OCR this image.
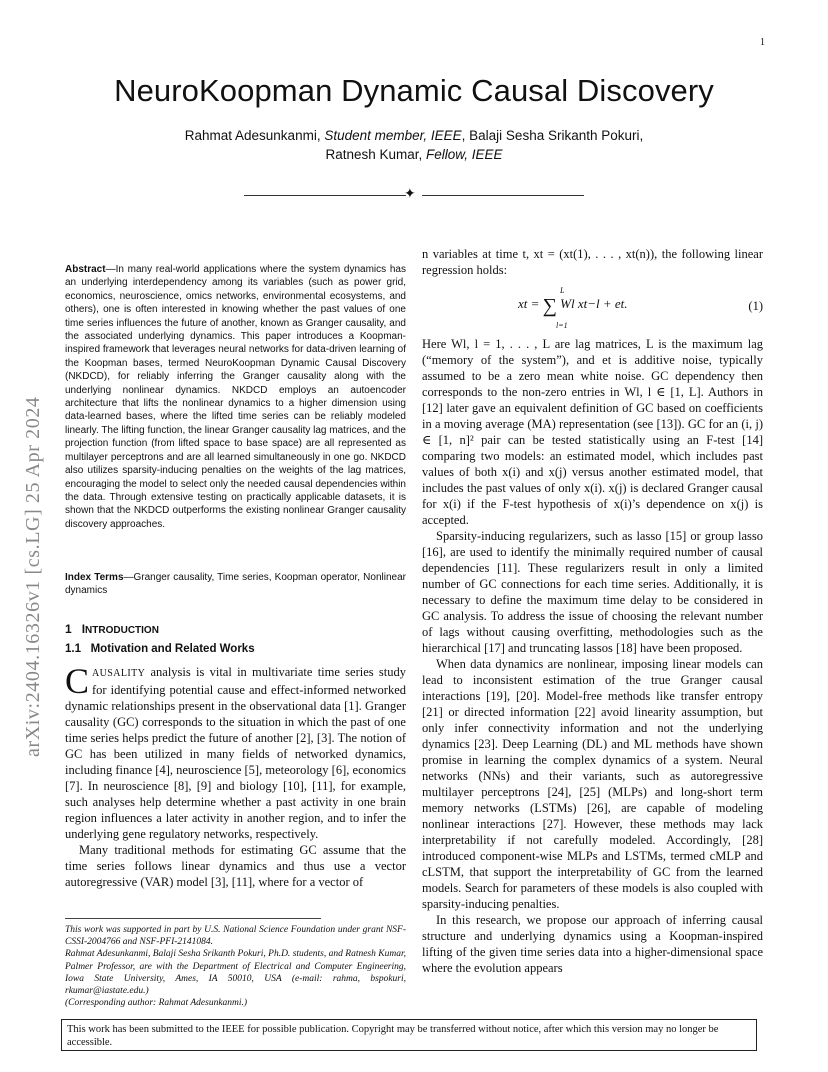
1
arXiv:2404.16326v1 [cs.LG] 25 Apr 2024
NeuroKoopman Dynamic Causal Discovery
Rahmat Adesunkanmi, Student member, IEEE, Balaji Sesha Srikanth Pokuri,
Ratnesh Kumar, Fellow, IEEE
✦
Abstract—In many real-world applications where the system dynamics has an underlying interdependency among its variables (such as power grid, economics, neuroscience, omics networks, environmental ecosystems, and others), one is often interested in knowing whether the past values of one time series influences the future of another, known as Granger causality, and the associated underlying dynamics. This paper introduces a Koopman-inspired framework that leverages neural networks for data-driven learning of the Koopman bases, termed NeuroKoopman Dynamic Causal Discovery (NKDCD), for reliably inferring the Granger causality along with the underlying nonlinear dynamics. NKDCD employs an autoencoder architecture that lifts the nonlinear dynamics to a higher dimension using data-learned bases, where the lifted time series can be reliably modeled linearly. The lifting function, the linear Granger causality lag matrices, and the projection function (from lifted space to base space) are all represented as multilayer perceptrons and are all learned simultaneously in one go. NKDCD also utilizes sparsity-inducing penalties on the weights of the lag matrices, encouraging the model to select only the needed causal dependencies within the data. Through extensive testing on practically applicable datasets, it is shown that the NKDCD outperforms the existing nonlinear Granger causality discovery approaches.
Index Terms—Granger causality, Time series, Koopman operator, Nonlinear dynamics
1 INTRODUCTION
1.1 Motivation and Related Works

CAUSALITY analysis is vital in multivariate time series study for identifying potential cause and effect-informed networked dynamic relationships present in the observational data [1]. Granger causality (GC) corresponds to the situation in which the past of one time series helps predict the future of another [2], [3]. The notion of GC has been utilized in many fields of networked dynamics, including finance [4], neuroscience [5], meteorology [6], economics [7]. In neuroscience [8], [9] and biology [10], [11], for example, such analyses help determine whether a past activity in one brain region influences a later activity in another region, and to infer the underlying gene regulatory networks, respectively.

Many traditional methods for estimating GC assume that the time series follows linear dynamics and thus use a vector autoregressive (VAR) model [3], [11], where for a vector of

n variables at time t, xt = (xt(1), . . . , xt(n)), the following linear regression holds:

xt = ∑
L
l=1
Wl xt−l + et.	(1)

Here Wl, l = 1, . . . , L are lag matrices, L is the maximum lag (“memory of the system”), and et is additive noise, typically assumed to be a zero mean white noise. GC dependency then corresponds to the non-zero entries in Wl, l ∈ [1, L]. Authors in [12] later gave an equivalent definition of GC based on coefficients in a moving average (MA) representation (see [13]). GC for an (i, j) ∈ [1, n]² pair can be tested statistically using an F-test [14] comparing two models: an estimated model, which includes past values of both x(i) and x(j) versus another estimated model, that includes the past values of only x(i). x(j) is declared Granger causal for x(i) if the F-test hypothesis of x(i)’s dependence on x(j) is accepted.

Sparsity-inducing regularizers, such as lasso [15] or group lasso [16], are used to identify the minimally required number of causal dependencies [11]. These regularizers result in only a limited number of GC connections for each time series. Additionally, it is necessary to define the maximum time delay to be considered in GC analysis. To address the issue of choosing the relevant number of lags without causing overfitting, methodologies such as the hierarchical [17] and truncating lassos [18] have been proposed.

When data dynamics are nonlinear, imposing linear models can lead to inconsistent estimation of the true Granger causal interactions [19], [20]. Model-free methods like transfer entropy [21] or directed information [22] avoid linearity assumption, but only infer connectivity information and not the underlying dynamics [23]. Deep Learning (DL) and ML methods have shown promise in learning the complex dynamics of a system. Neural networks (NNs) and their variants, such as autoregressive multilayer perceptrons [24], [25] (MLPs) and long-short term memory networks (LSTMs) [26], are capable of modeling nonlinear interactions [27]. However, these methods may lack interpretability if not carefully modeled. Accordingly, [28] introduced component-wise MLPs and LSTMs, termed cMLP and cLSTM, that support the interpretability of GC from the learned models. Search for parameters of these models is also coupled with sparsity-inducing penalties.

In this research, we propose our approach of inferring causal structure and underlying dynamics using a Koopman-inspired lifting of the given time series data into a higher-dimensional space where the evolution appears

This work was supported in part by U.S. National Science Foundation under grant NSF-CSSI-2004766 and NSF-PFI-2141084.

Rahmat Adesunkanmi, Balaji Sesha Srikanth Pokuri, Ph.D. students, and Ratnesh Kumar, Palmer Professor, are with the Department of Electrical and Computer Engineering, Iowa State University, Ames, IA 50010, USA (e-mail: rahma, bspokuri, rkumar@iastate.edu.)

(Corresponding author: Rahmat Adesunkanmi.)

This work has been submitted to the IEEE for possible publication. Copyright may be transferred without notice, after which this version may no longer be accessible.
